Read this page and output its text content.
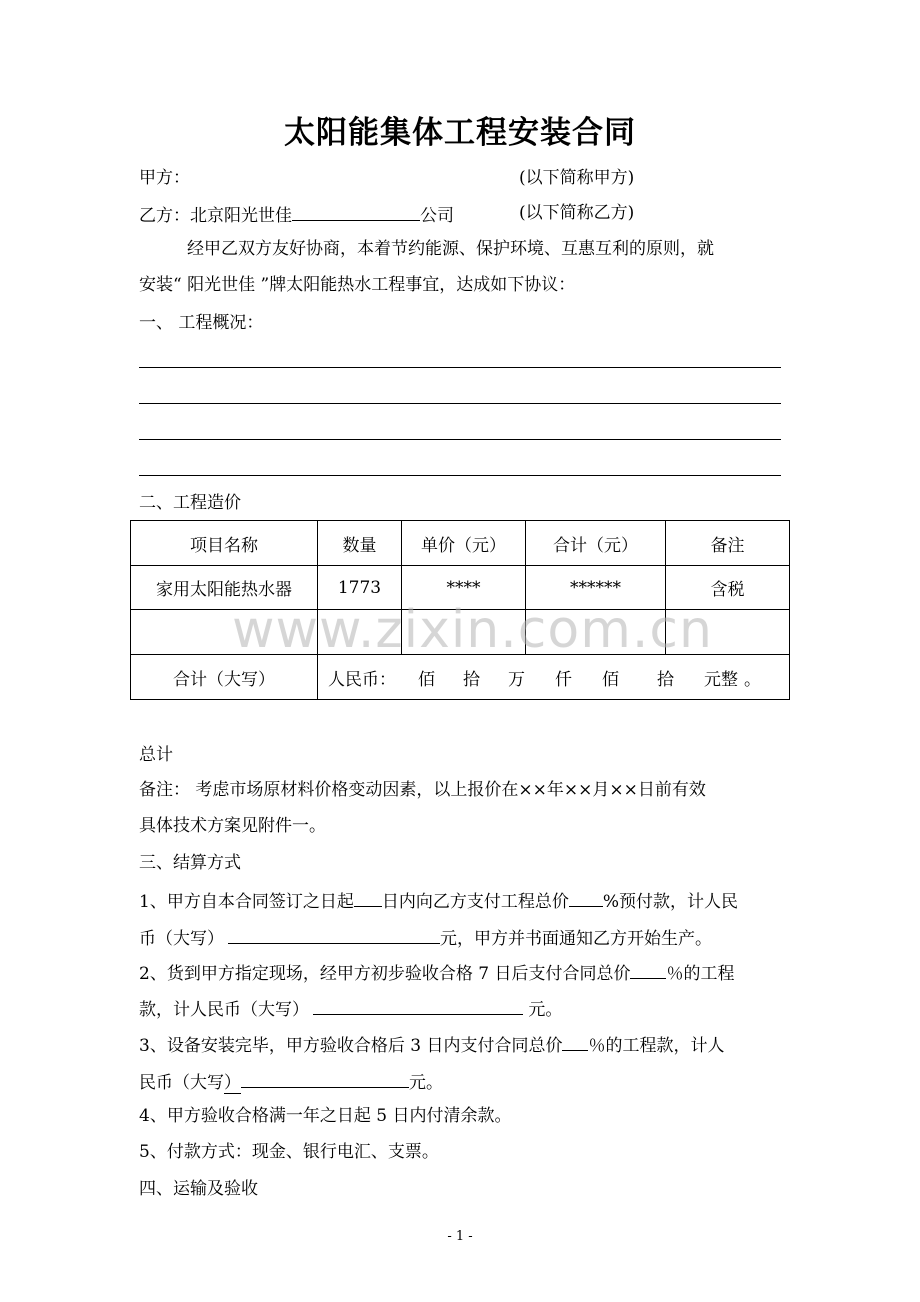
太阳能集体工程安装合同
甲方：	(以下简称甲方)
乙方：北京阳光世佳	公司	(以下简称乙方)
经甲乙双方友好协商，本着节约能源、保护环境、互惠互利的原则，就
安装“ 阳光世佳 ”牌太阳能热水工程事宜，达成如下协议：
一、 工程概况：
二、工程造价
项目名称	数量	单价（元）	合计（元）	备注
家用太阳能热水器	1773	****	******	含税

合计（大写）	人民币： 佰 拾 万 仟 佰 拾 元整 。			
www.zixin.com.cn
总计
备注： 考虑市场原材料价格变动因素，以上报价在××年××月××日前有效
具体技术方案见附件一。
三、结算方式
1、甲方自本合同签订之日起 日内向乙方支付工程总价 %预付款，计人民
币（大写）	元，甲方并书面通知乙方开始生产。
2、货到甲方指定现场，经甲方初步验收合格 7 日后支付合同总价 ％的工程
款，计人民币（大写）	元。
3、设备安装完毕，甲方验收合格后 3 日内支付合同总价 ％的工程款，计人
民币（大写）	元。
4、甲方验收合格满一年之日起 5 日内付清余款。
5、付款方式：现金、银行电汇、支票。
四、运输及验收
- 1 -
